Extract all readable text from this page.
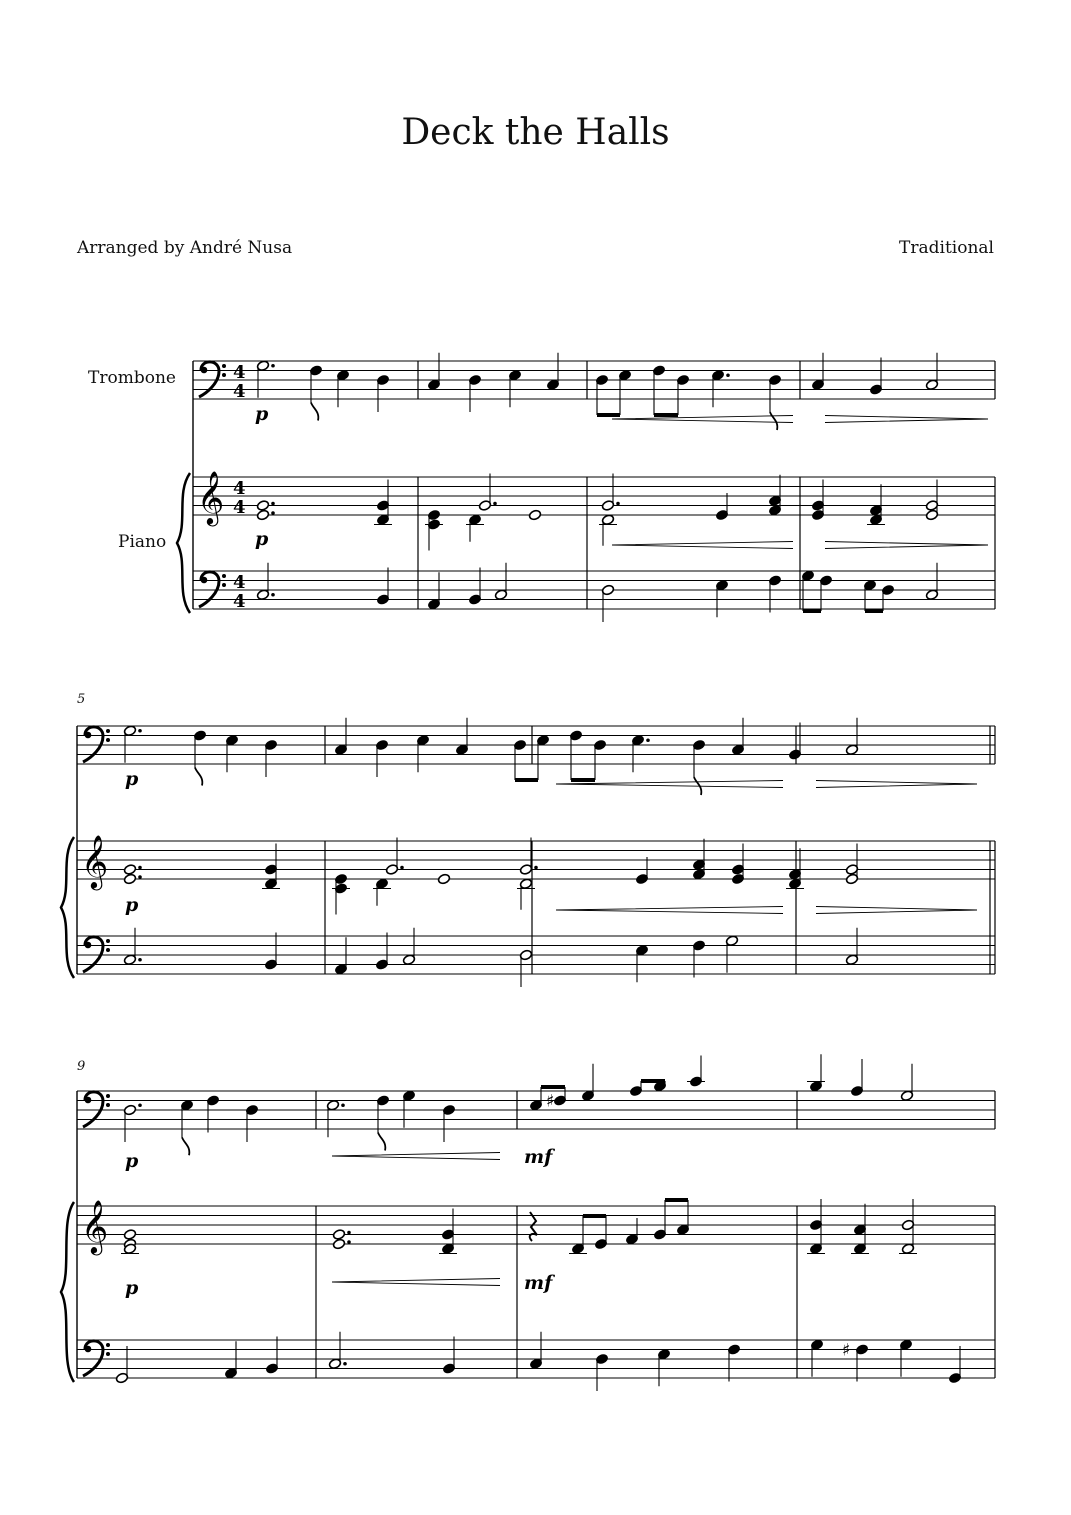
Deck the Halls
Arranged by André Nusa	Traditional
Trombone
Piano
5
9
𝄞
4
4
4
4
4
4
𝄞
𝄞
p
p
p
p
♯
p	mf
p	mf
♯
